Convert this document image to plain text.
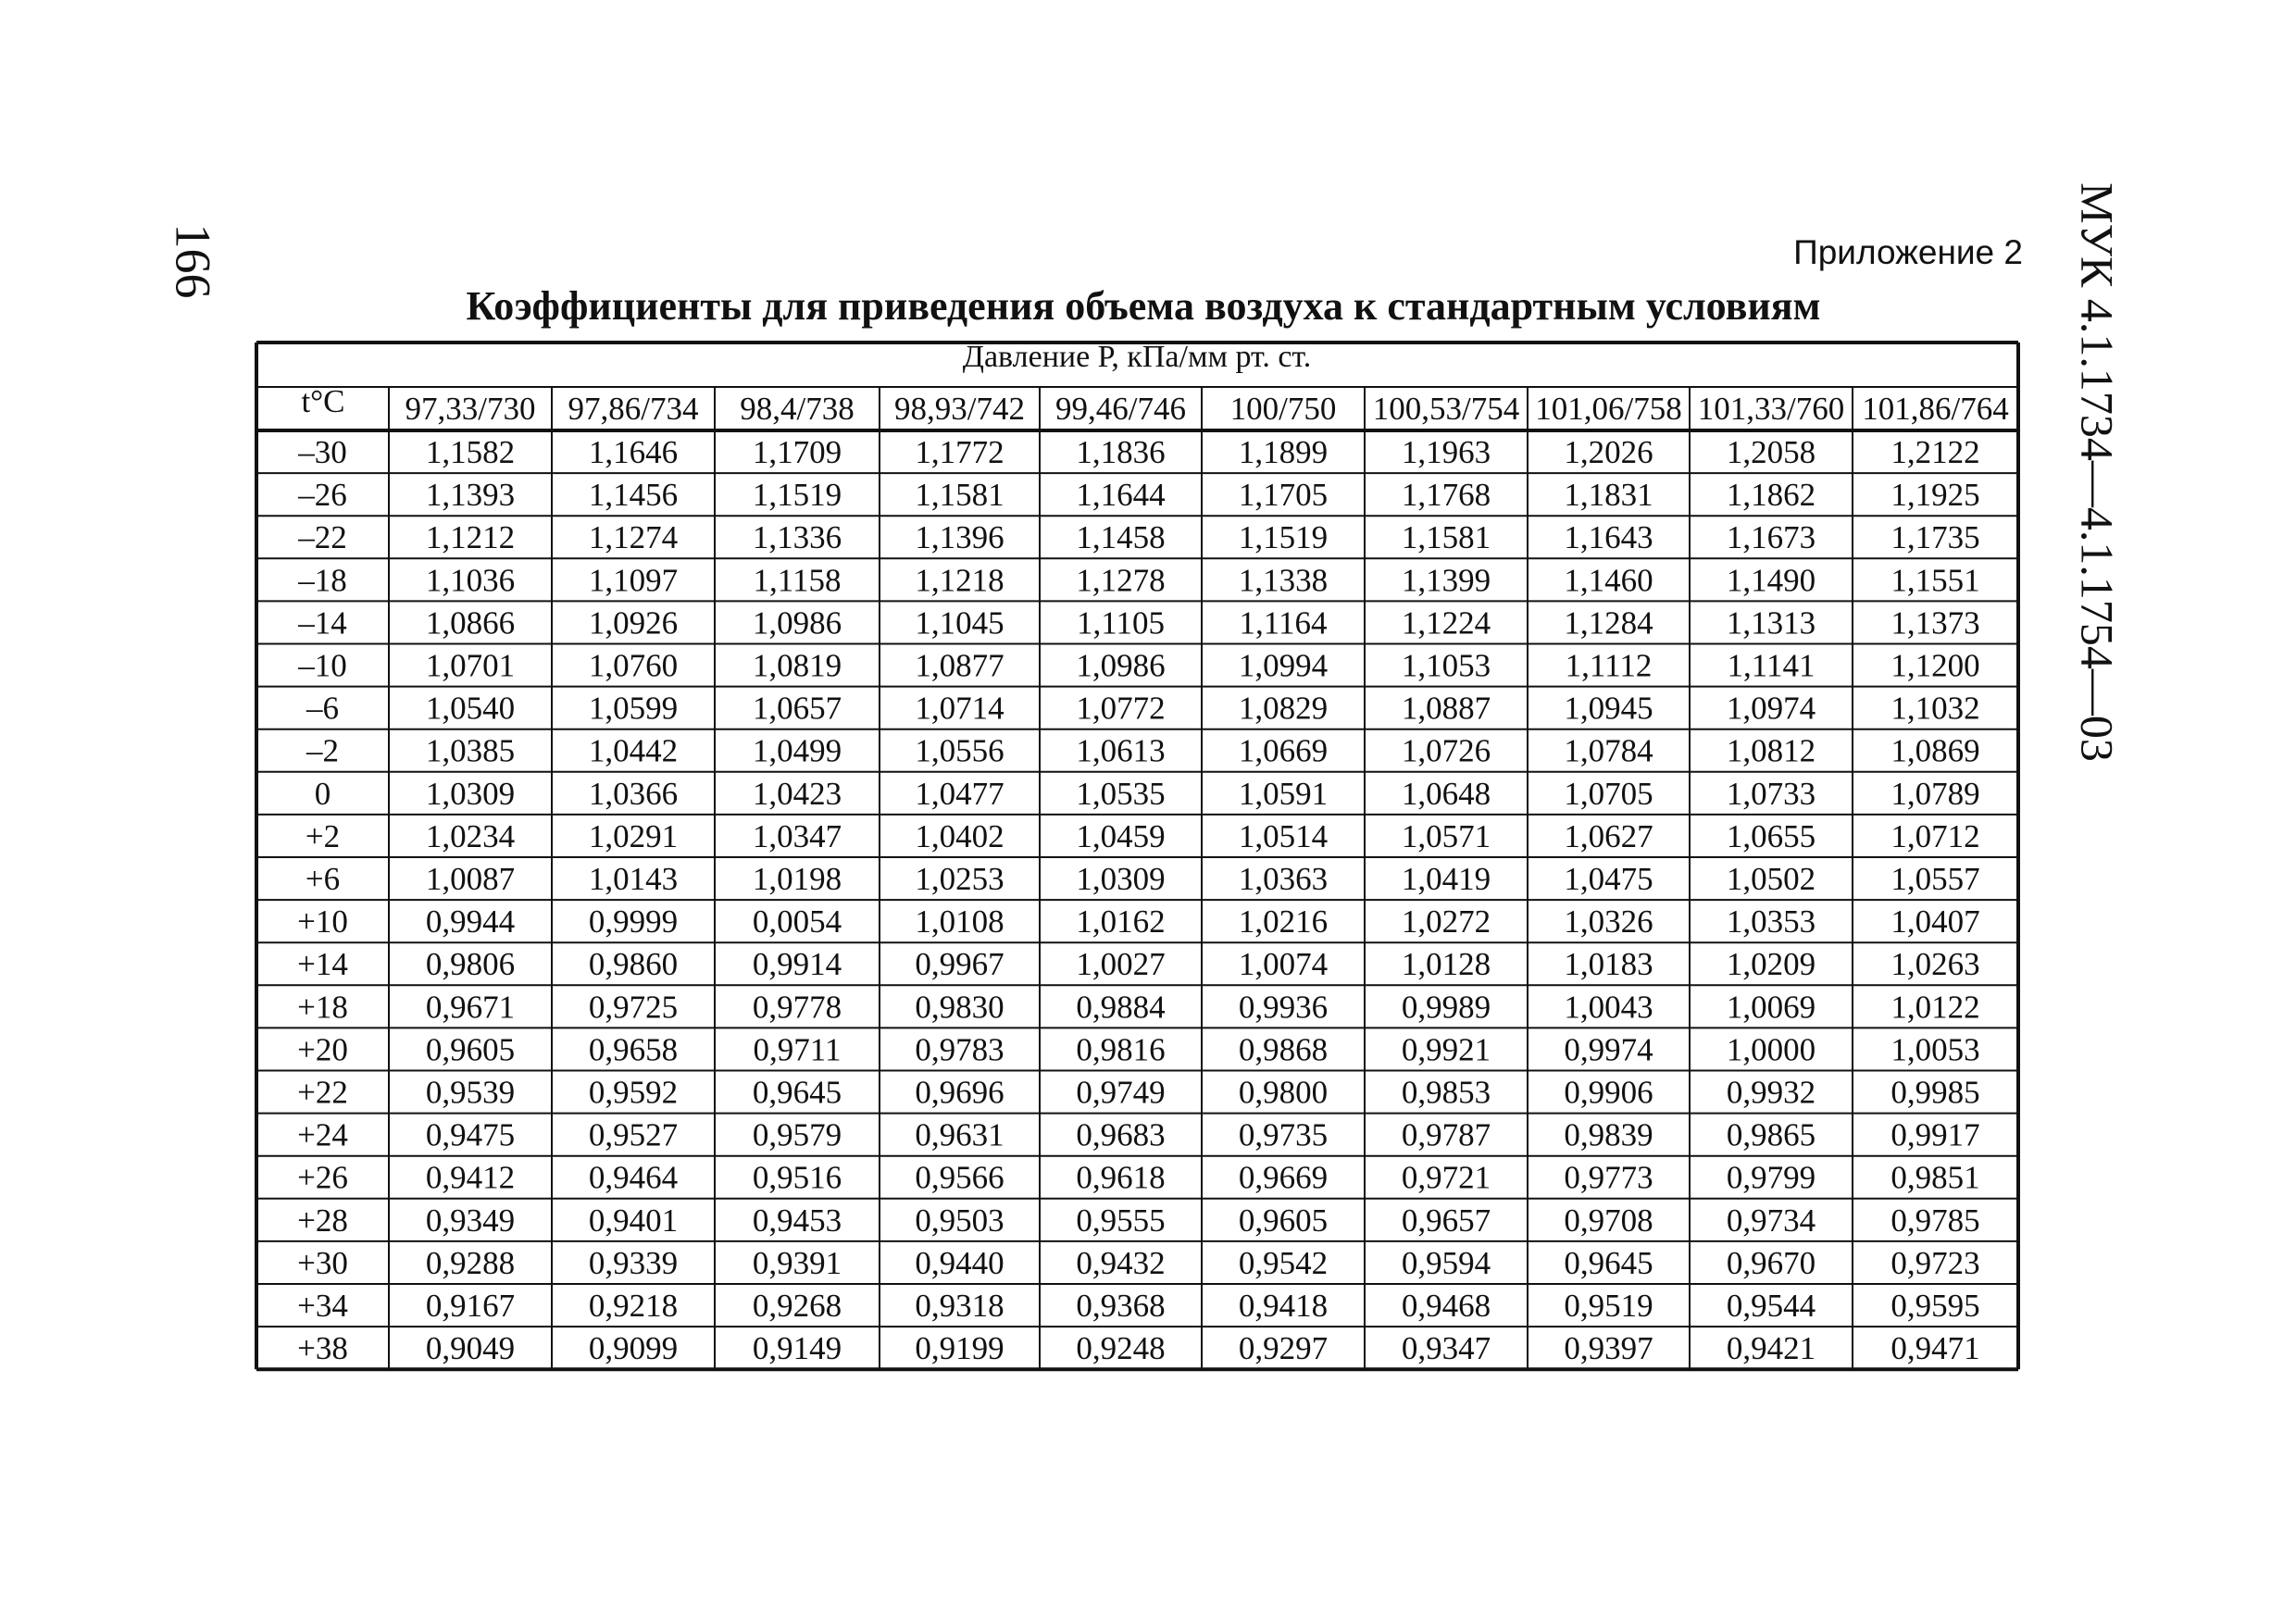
166	МУК 4.1.1734—4.1.1754—03
Приложение 2
Коэффициенты для приведения объема воздуха к стандартным условиям
Давление Р, кПа/мм рт. ст.
t°C 97,33/730 97,86/734 98,4/738 98,93/742 99,46/746 100/750 100,53/754 101,06/758 101,33/760 101,86/764
–30 1,1582 1,1646 1,1709 1,1772 1,1836 1,1899 1,1963 1,2026 1,2058 1,2122
–26 1,1393 1,1456 1,1519 1,1581 1,1644 1,1705 1,1768 1,1831 1,1862 1,1925
–22 1,1212 1,1274 1,1336 1,1396 1,1458 1,1519 1,1581 1,1643 1,1673 1,1735
–18 1,1036 1,1097 1,1158 1,1218 1,1278 1,1338 1,1399 1,1460 1,1490 1,1551
–14 1,0866 1,0926 1,0986 1,1045 1,1105 1,1164 1,1224 1,1284 1,1313 1,1373
–10 1,0701 1,0760 1,0819 1,0877 1,0986 1,0994 1,1053 1,1112 1,1141 1,1200
–6	1,0540 1,0599 1,0657 1,0714 1,0772 1,0829 1,0887 1,0945 1,0974 1,1032
–2	1,0385 1,0442 1,0499 1,0556 1,0613 1,0669 1,0726 1,0784 1,0812 1,0869
0	1,0309 1,0366 1,0423 1,0477 1,0535 1,0591 1,0648 1,0705 1,0733 1,0789
+2	1,0234 1,0291 1,0347 1,0402 1,0459 1,0514 1,0571 1,0627 1,0655 1,0712
+6	1,0087 1,0143 1,0198 1,0253 1,0309 1,0363 1,0419 1,0475 1,0502 1,0557
+10 0,9944 0,9999 0,0054 1,0108 1,0162 1,0216 1,0272 1,0326 1,0353 1,0407
+14 0,9806 0,9860 0,9914 0,9967 1,0027 1,0074 1,0128 1,0183 1,0209 1,0263
+18 0,9671 0,9725 0,9778 0,9830 0,9884 0,9936 0,9989 1,0043 1,0069 1,0122
+20 0,9605 0,9658 0,9711 0,9783 0,9816 0,9868 0,9921 0,9974 1,0000 1,0053
+22 0,9539 0,9592 0,9645 0,9696 0,9749 0,9800 0,9853 0,9906 0,9932 0,9985
+24 0,9475 0,9527 0,9579 0,9631 0,9683 0,9735 0,9787 0,9839 0,9865 0,9917
+26 0,9412 0,9464 0,9516 0,9566 0,9618 0,9669 0,9721 0,9773 0,9799 0,9851
+28 0,9349 0,9401 0,9453 0,9503 0,9555 0,9605 0,9657 0,9708 0,9734 0,9785
+30 0,9288 0,9339 0,9391 0,9440 0,9432 0,9542 0,9594 0,9645 0,9670 0,9723
+34 0,9167 0,9218 0,9268 0,9318 0,9368 0,9418 0,9468 0,9519 0,9544 0,9595
+38 0,9049 0,9099 0,9149 0,9199 0,9248 0,9297 0,9347 0,9397 0,9421 0,9471
